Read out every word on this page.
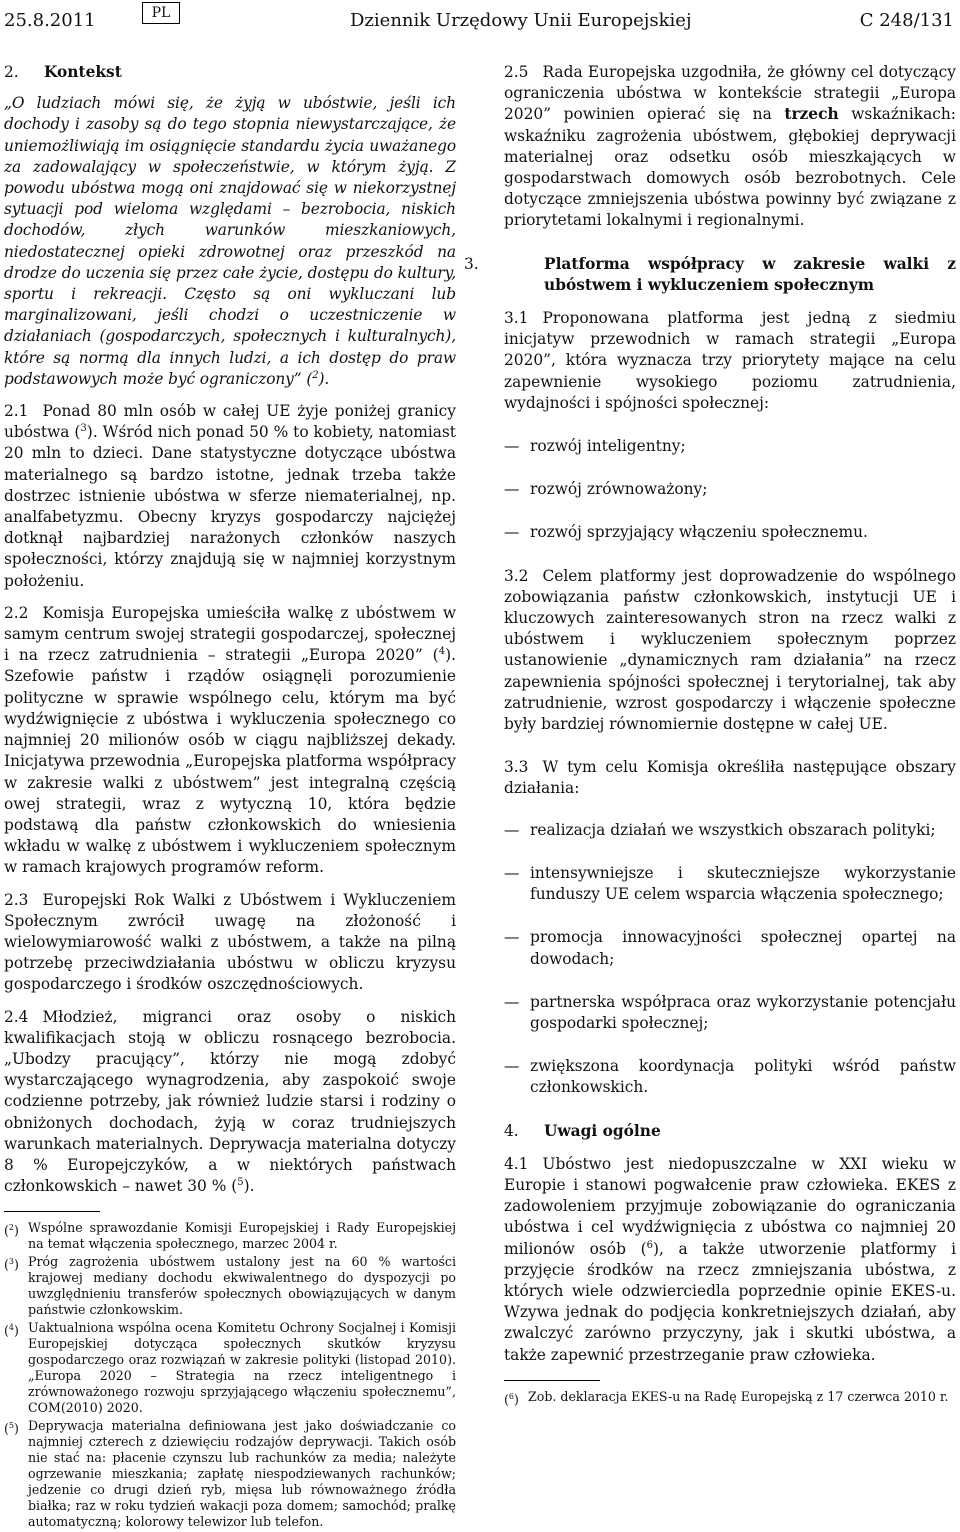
25.8.2011	PL	Dziennik Urzędowy Unii Europejskiej	C 248/131
2. Kontekst

„O ludziach mówi się, że żyją w ubóstwie, jeśli ich dochody i zasoby są do tego stopnia niewystarczające, że uniemożliwiają im osiągnięcie standardu życia uważanego za zadowalający w społeczeństwie, w którym żyją. Z powodu ubóstwa mogą oni znajdować się w niekorzystnej sytuacji pod wieloma względami – bezrobocia, niskich dochodów, złych warunków mieszkaniowych, niedostatecznej opieki zdrowotnej oraz przeszkód na drodze do uczenia się przez całe życie, dostępu do kultury, sportu i rekreacji. Często są oni wykluczani lub marginalizowani, jeśli chodzi o uczestniczenie w działaniach (gospodarczych, społecznych i kulturalnych), które są normą dla innych ludzi, a ich dostęp do praw podstawowych może być ograniczony” ($^2$).

2.1 Ponad 80 mln osób w całej UE żyje poniżej granicy ubóstwa ($^3$). Wśród nich ponad 50 % to kobiety, natomiast 20 mln to dzieci. Dane statystyczne dotyczące ubóstwa materialnego są bardzo istotne, jednak trzeba także dostrzec istnienie ubóstwa w sferze niematerialnej, np. analfabetyzmu. Obecny kryzys gospodarczy najciężej dotknął najbardziej narażonych członków naszych społeczności, którzy znajdują się w najmniej korzystnym położeniu.

2.2 Komisja Europejska umieściła walkę z ubóstwem w samym centrum swojej strategii gospodarczej, społecznej i na rzecz zatrudnienia – strategii „Europa 2020” ($^4$). Szefowie państw i rządów osiągnęli porozumienie polityczne w sprawie wspólnego celu, którym ma być wydźwignięcie z ubóstwa i wykluczenia społecznego co najmniej 20 milionów osób w ciągu najbliższej dekady. Inicjatywa przewodnia „Europejska platforma współpracy w zakresie walki z ubóstwem” jest integralną częścią owej strategii, wraz z wytyczną 10, która będzie podstawą dla państw członkowskich do wniesienia wkładu w walkę z ubóstwem i wykluczeniem społecznym w ramach krajowych programów reform.

2.3 Europejski Rok Walki z Ubóstwem i Wykluczeniem Społecznym zwrócił uwagę na złożoność i wielowymiarowość walki z ubóstwem, a także na pilną potrzebę przeciwdziałania ubóstwu w obliczu kryzysu gospodarczego i środków oszczędnościowych.

2.4 Młodzież, migranci oraz osoby o niskich kwalifikacjach stoją w obliczu rosnącego bezrobocia. „Ubodzy pracujący”, którzy nie mogą zdobyć wystarczającego wynagrodzenia, aby zaspokoić swoje codzienne potrzeby, jak również ludzie starsi i rodziny o obniżonych dochodach, żyją w coraz trudniejszych warunkach materialnych. Deprywacja materialna dotyczy 8 % Europejczyków, a w niektórych państwach członkowskich – nawet 30 % ($^5$).

($^2$) Wspólne sprawozdanie Komisji Europejskiej i Rady Europejskiej na temat włączenia społecznego, marzec 2004 r.
($^3$) Próg zagrożenia ubóstwem ustalony jest na 60 % wartości krajowej mediany dochodu ekwiwalentnego do dyspozycji po uwzględnieniu transferów społecznych obowiązujących w danym państwie członkowskim.
($^4$) Uaktualniona wspólna ocena Komitetu Ochrony Socjalnej i Komisji Europejskiej dotycząca społecznych skutków kryzysu gospodarczego oraz rozwiązań w zakresie polityki (listopad 2010). „Europa 2020 – Strategia na rzecz inteligentnego i zrównoważonego rozwoju sprzyjającego włączeniu społecznemu”, COM(2010) 2020.
($^5$) Deprywacja materialna definiowana jest jako doświadczanie co najmniej czterech z dziewięciu rodzajów deprywacji. Takich osób nie stać na: płacenie czynszu lub rachunków za media; należyte ogrzewanie mieszkania; zapłatę niespodziewanych rachunków; jedzenie co drugi dzień ryb, mięsa lub równoważnego źródła białka; raz w roku tydzień wakacji poza domem; samochód; pralkę automatyczną; kolorowy telewizor lub telefon.

2.5 Rada Europejska uzgodniła, że główny cel dotyczący ograniczenia ubóstwa w kontekście strategii „Europa 2020” powinien opierać się na trzech wskaźnikach: wskaźniku zagrożenia ubóstwem, głębokiej deprywacji materialnej oraz odsetku osób mieszkających w gospodarstwach domowych osób bezrobotnych. Cele dotyczące zmniejszenia ubóstwa powinny być związane z priorytetami lokalnymi i regionalnymi.

3.	Platforma współpracy w zakresie walki z ubóstwem i wykluczeniem społecznym

3.1 Proponowana platforma jest jedną z siedmiu inicjatyw przewodnich w ramach strategii „Europa 2020”, która wyznacza trzy priorytety mające na celu zapewnienie wysokiego poziomu zatrudnienia, wydajności i spójności społecznej:

— rozwój inteligentny;
— rozwój zrównoważony;
— rozwój sprzyjający włączeniu społecznemu.

3.2 Celem platformy jest doprowadzenie do wspólnego zobowiązania państw członkowskich, instytucji UE i kluczowych zainteresowanych stron na rzecz walki z ubóstwem i wykluczeniem społecznym poprzez ustanowienie „dynamicznych ram działania” na rzecz zapewnienia spójności społecznej i terytorialnej, tak aby zatrudnienie, wzrost gospodarczy i włączenie społeczne były bardziej równomiernie dostępne w całej UE.

3.3 W tym celu Komisja określiła następujące obszary działania:

— realizacja działań we wszystkich obszarach polityki;
— intensywniejsze i skuteczniejsze wykorzystanie funduszy UE celem wsparcia włączenia społecznego;
— promocja innowacyjności społecznej opartej na dowodach;
— partnerska współpraca oraz wykorzystanie potencjału gospodarki społecznej;
— zwiększona koordynacja polityki wśród państw członkowskich.
4. Uwagi ogólne

4.1 Ubóstwo jest niedopuszczalne w XXI wieku w Europie i stanowi pogwałcenie praw człowieka. EKES z zadowoleniem przyjmuje zobowiązanie do ograniczania ubóstwa i cel wydźwignięcia z ubóstwa co najmniej 20 milionów osób ($^6$), a także utworzenie platformy i przyjęcie środków na rzecz zmniejszania ubóstwa, z których wiele odzwierciedla poprzednie opinie EKES-u. Wzywa jednak do podjęcia konkretniejszych działań, aby zwalczyć zarówno przyczyny, jak i skutki ubóstwa, a także zapewnić przestrzeganie praw człowieka.

($^6$) Zob. deklaracja EKES-u na Radę Europejską z 17 czerwca 2010 r.
